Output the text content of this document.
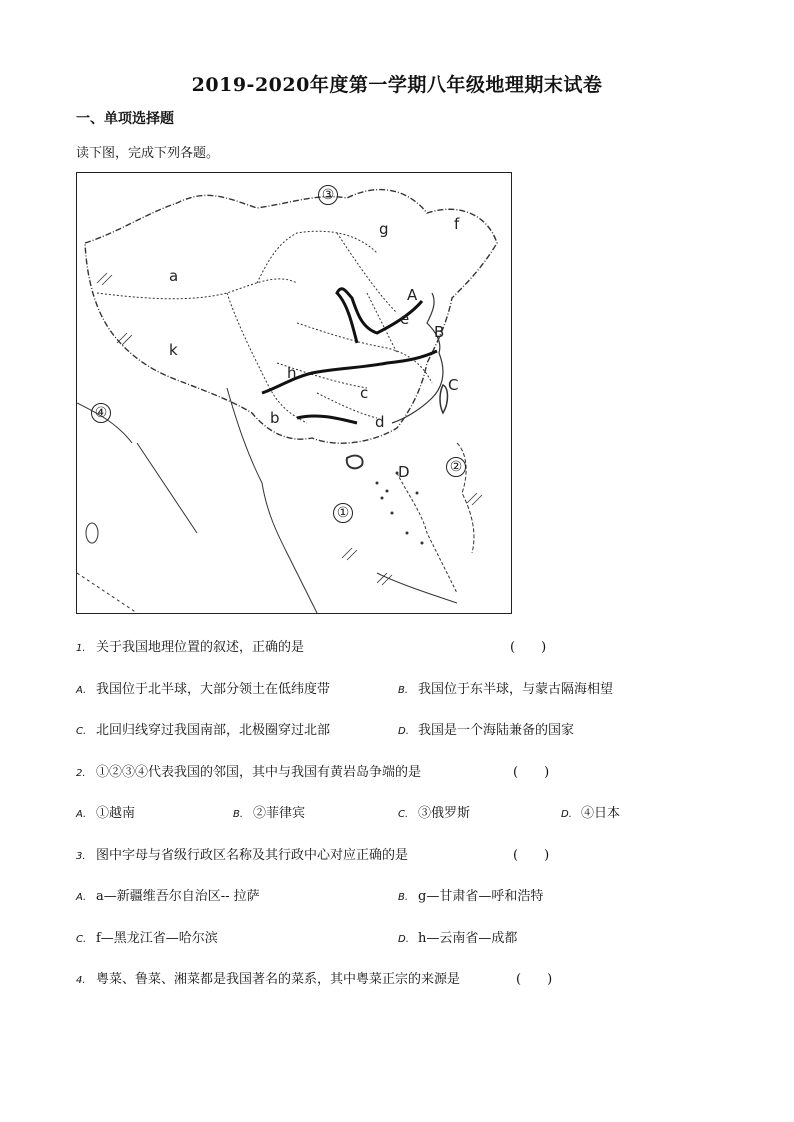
2019-2020年度第一学期八年级地理期末试卷
一、单项选择题
读下图，完成下列各题。
a
k
b
h
c
d
e
g	f
A
B
C
D
①
②
③
④
1. 关于我国地理位置的叙述，正确的是	(　　)
A. 我国位于北半球，大部分领土在低纬度带	B. 我国位于东半球，与蒙古隔海相望
C. 北回归线穿过我国南部，北极圈穿过北部	D. 我国是一个海陆兼备的国家
2. ①②③④代表我国的邻国，其中与我国有黄岩岛争端的是	(　　)
A. ①越南	B. ②菲律宾	C. ③俄罗斯	D. ④日本
3. 图中字母与省级行政区名称及其行政中心对应正确的是	(　　)
A. a—新疆维吾尔自治区-- 拉萨	B. g—甘肃省—呼和浩特
C. f—黑龙江省—哈尔滨	D. h—云南省—成都
4. 粤菜、鲁菜、湘菜都是我国著名的菜系，其中粤菜正宗的来源是	(　　)
